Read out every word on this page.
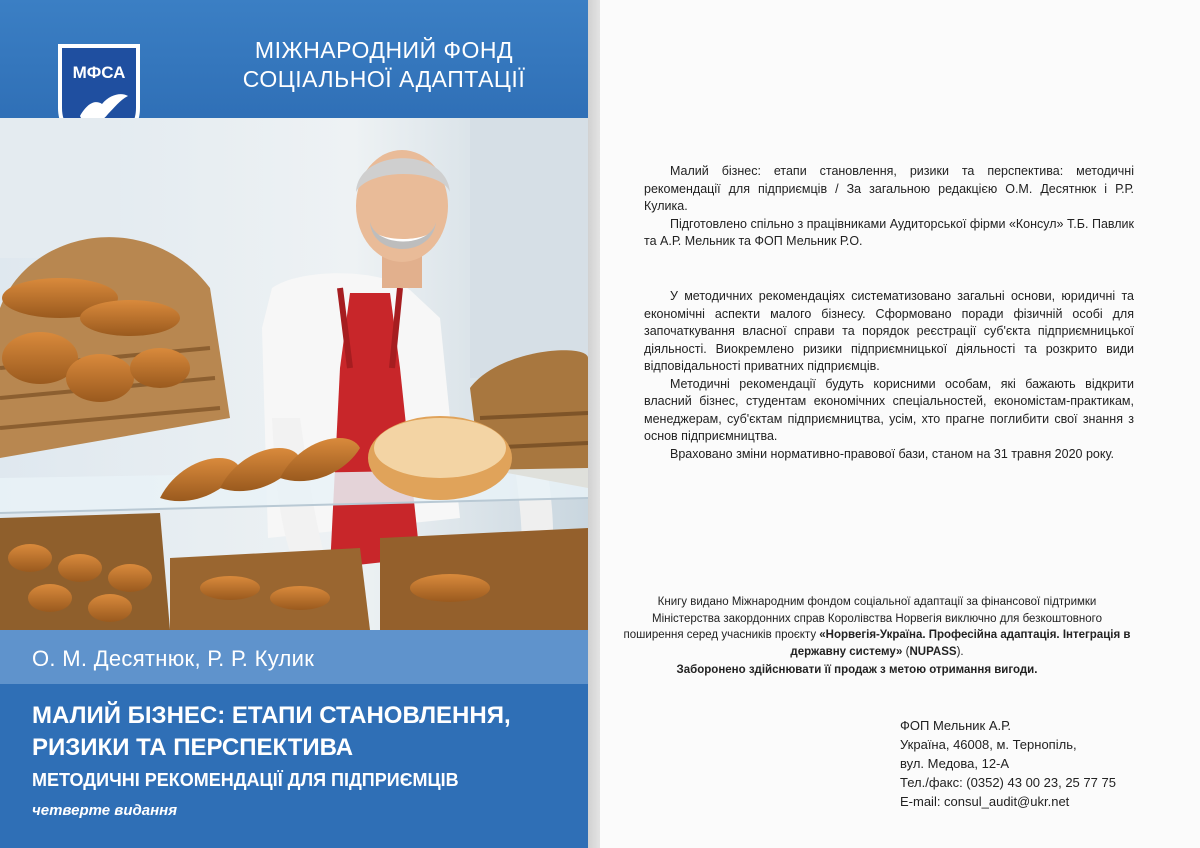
МФСА
МІЖНАРОДНИЙ ФОНД
СОЦІАЛЬНОЇ АДАПТАЦІЇ
О. М. Десятнюк, Р. Р. Кулик
МАЛИЙ БІЗНЕС: ЕТАПИ СТАНОВЛЕННЯ,
РИЗИКИ ТА ПЕРСПЕКТИВА
МЕТОДИЧНІ РЕКОМЕНДАЦІЇ ДЛЯ ПІДПРИЄМЦІВ
четверте видання
Малий бізнес: етапи становлення, ризики та перспектива: методичні рекомендації для підприємців / За загальною редакцією О.М. Десятнюк і Р.Р. Кулика.
Підготовлено спільно з працівниками Аудиторської фірми «Консул» Т.Б. Павлик та А.Р. Мельник та ФОП Мельник Р.О.
У методичних рекомендаціях систематизовано загальні основи, юридичні та економічні аспекти малого бізнесу. Сформовано поради фізичній особі для започаткування власної справи та порядок реєстрації суб'єкта підприємницької діяльності. Виокремлено ризики підприємницької діяльності та розкрито види відповідальності приватних підприємців.
Методичні рекомендації будуть корисними особам, які бажають відкрити власний бізнес, студентам економічних спеціальностей, економістам-практикам, менеджерам, суб'єктам підприємництва, усім, хто прагне поглибити свої знання з основ підприємництва.
Враховано зміни нормативно-правової бази, станом на 31 травня 2020 року.
Книгу видано Міжнародним фондом соціальної адаптації за фінансової підтримки Міністерства закордонних справ Королівства Норвегія виключно для безкоштовного поширення серед учасників проєкту «Норвегія-Україна. Професійна адаптація. Інтеграція в державну систему» (NUPASS).
Заборонено здійснювати її продаж з метою отримання вигоди.
ФОП Мельник А.Р.
Україна, 46008, м. Тернопіль,
вул. Медова, 12-А
Тел./факс: (0352) 43 00 23, 25 77 75
E-mail: consul_audit@ukr.net
